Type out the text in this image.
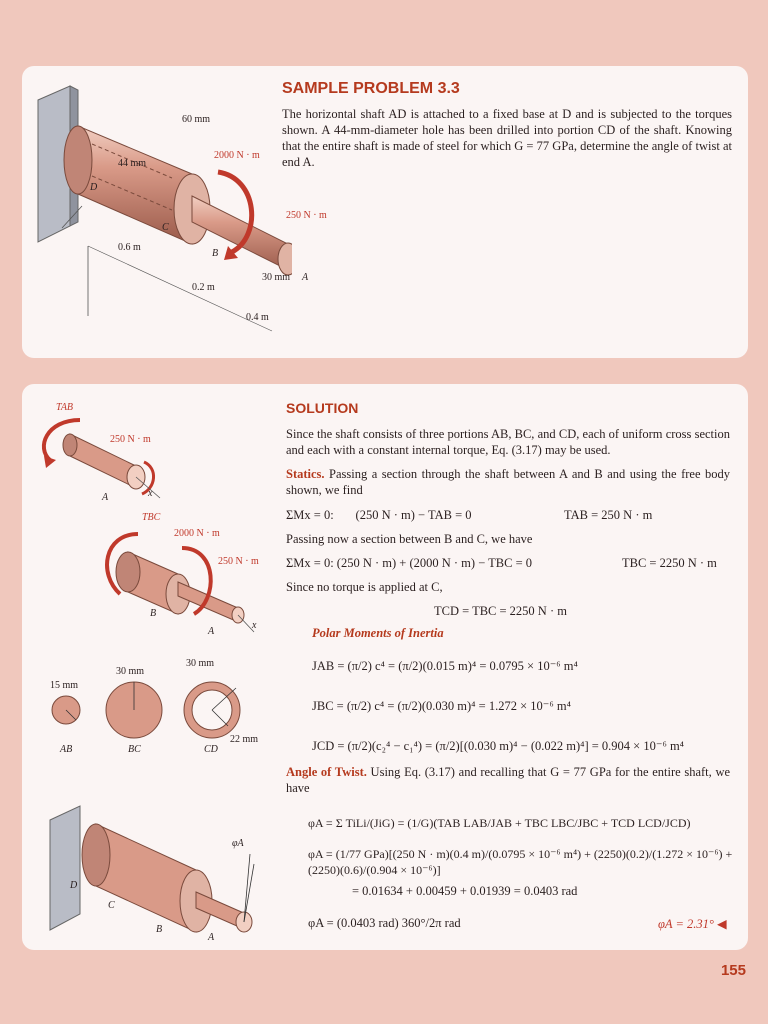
60 mm
44 mm
2000 N · m
250 N · m
D
C
B
30 mm A
0.6 m
0.2 m
0.4 m
SAMPLE PROBLEM 3.3

The horizontal shaft AD is attached to a fixed base at D and is subjected to the torques shown. A 44-mm-diameter hole has been drilled into portion CD of the shaft. Knowing that the entire shaft is made of steel for which G = 77 GPa, determine the angle of twist at end A.

TAB
250 N · m
A	x
TBC
2000 N · m
250 N · m
B
A
x
15 mm
30 mm
30 mm
22 mm
AB	BC	CD
φA
D
C
B
A
SOLUTION

Since the shaft consists of three portions AB, BC, and CD, each of uniform cross section and each with a constant internal torque, Eq. (3.17) may be used.

Statics. Passing a section through the shaft between A and B and using the free body shown, we find

ΣMx = 0:       (250 N · m) − TAB = 0	TAB = 250 N · m
Passing now a section between B and C, we have
ΣMx = 0: (250 N · m) + (2000 N · m) − TBC = 0	TBC = 2250 N · m
Since no torque is applied at C,
TCD = TBC = 2250 N · m
Polar Moments of Inertia
JAB = (π/2) c⁴ = (π/2)(0.015 m)⁴ = 0.0795 × 10⁻⁶ m⁴
JBC = (π/2) c⁴ = (π/2)(0.030 m)⁴ = 1.272 × 10⁻⁶ m⁴
JCD = (π/2)(c₂⁴ − c₁⁴) = (π/2)[(0.030 m)⁴ − (0.022 m)⁴] = 0.904 × 10⁻⁶ m⁴

Angle of Twist. Using Eq. (3.17) and recalling that G = 77 GPa for the entire shaft, we have

φA = Σ TiLi/(JiG) = (1/G)(TAB LAB/JAB + TBC LBC/JBC + TCD LCD/JCD)

φA = (1/77 GPa)[(250 N · m)(0.4 m)/(0.0795 × 10⁻⁶ m⁴) + (2250)(0.2)/(1.272 × 10⁻⁶) + (2250)(0.6)/(0.904 × 10⁻⁶)]

= 0.01634 + 0.00459 + 0.01939 = 0.0403 rad
φA = (0.0403 rad) 360°/2π rad	φA = 2.31° ◀
155
